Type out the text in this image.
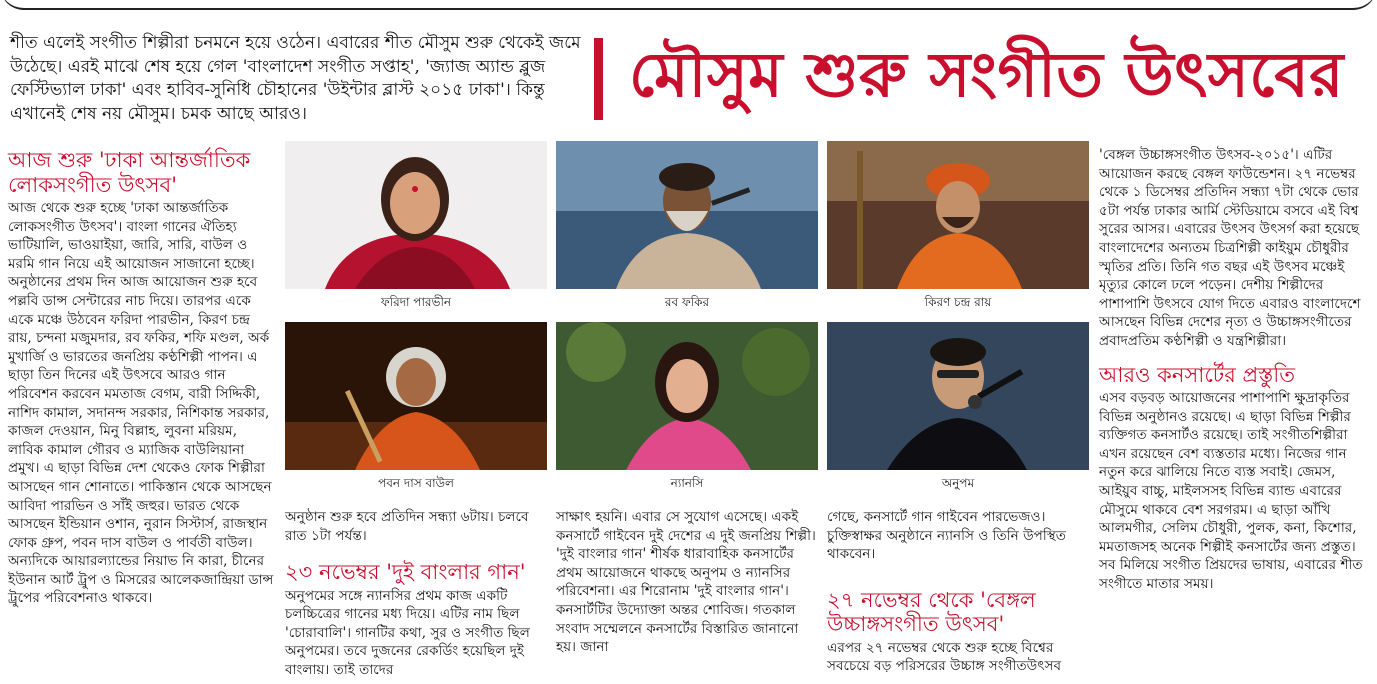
শীত এলেই সংগীত শিল্পীরা চনমনে হয়ে ওঠেন। এবারের শীত মৌসুম শুরু থেকেই জমে উঠেছে। এরই মাঝে শেষ হয়ে গেল 'বাংলাদেশ সংগীত সপ্তাহ', 'জ্যাজ অ্যান্ড ব্লুজ ফেস্টিভ্যাল ঢাকা' এবং হাবিব-সুনিধি চৌহানের 'উইন্টার ব্লাস্ট ২০১৫ ঢাকা'। কিন্তু এখানেই শেষ নয় মৌসুম। চমক আছে আরও।
মৌসুম শুরু সংগীত উৎসবের
আজ শুরু 'ঢাকা আন্তর্জাতিক লোকসংগীত উৎসব'

আজ থেকে শুরু হচ্ছে 'ঢাকা আন্তর্জাতিক লোকসংগীত উৎসব'। বাংলা গানের ঐতিহ্য ভাটিয়ালি, ভাওয়াইয়া, জারি, সারি, বাউল ও মরমি গান নিয়ে এই আয়োজন সাজানো হচ্ছে। অনুষ্ঠানের প্রথম দিন আজ আয়োজন শুরু হবে পল্লবি ডান্স সেন্টারের নাচ দিয়ে। তারপর একে একে মঞ্চে উঠবেন ফরিদা পারভীন, কিরণ চন্দ্র রায়, চন্দনা মজুমদার, রব ফকির, শফি মণ্ডল, অর্ক মুখার্জি ও ভারতের জনপ্রিয় কণ্ঠশিল্পী পাপন। এ ছাড়া তিন দিনের এই উৎসবে আরও গান পরিবেশন করবেন মমতাজ বেগম, বারী সিদ্দিকী, নাশিদ কামাল, সদানন্দ সরকার, নিশিকান্ত সরকার, কাজল দেওয়ান, মিনু বিল্লাহ, লুবনা মরিয়ম, লাবিক কামাল গৌরব ও ম্যাজিক বাউলিয়ানা প্রমুখ। এ ছাড়া বিভিন্ন দেশ থেকেও ফোক শিল্পীরা আসছেন গান শোনাতে। পাকিস্তান থেকে আসছেন আবিদা পারভিন ও সাঁই জহুর। ভারত থেকে আসছেন ইন্ডিয়ান ওশান, নুরান সিস্টার্স, রাজস্থান ফোক গ্রুপ, পবন দাস বাউল ও পার্বতী বাউল। অন্যদিকে আয়ারল্যান্ডের নিয়াভ নি কারা, চীনের ইউনান আর্ট ট্রুপ ও মিসরের আলেকজান্দ্রিয়া ডান্স ট্রুপের পরিবেশনাও থাকবে।

ফরিদা পারভীন	রব ফকির	কিরণ চন্দ্র রায়
পবন দাস বাউল	ন্যানসি	অনুপম

অনুষ্ঠান শুরু হবে প্রতিদিন সন্ধ্যা ৬টায়। চলবে রাত ১টা পর্যন্ত।

২৩ নভেম্বর 'দুই বাংলার গান'

অনুপমের সঙ্গে ন্যানসির প্রথম কাজ একটি চলচ্চিত্রের গানের মধ্য দিয়ে। এটির নাম ছিল 'চোরাবালি'। গানটির কথা, সুর ও সংগীত ছিল অনুপমের। তবে দুজনের রেকর্ডিং হয়েছিল দুই বাংলায়। তাই তাদের

সাক্ষাৎ হয়নি। এবার সে সুযোগ এসেছে। একই কনসার্টে গাইবেন দুই দেশের এ দুই জনপ্রিয় শিল্পী।

'দুই বাংলার গান' শীর্ষক ধারাবাহিক কনসার্টের প্রথম আয়োজনে থাকছে অনুপম ও ন্যানসির পরিবেশনা। এর শিরোনাম 'দুই বাংলার গান'। কনসার্টটির উদ্যোক্তা অন্তর শোবিজ। গতকাল সংবাদ সম্মেলনে কনসার্টের বিস্তারিত জানানো হয়। জানা

গেছে, কনসার্টে গান গাইবেন পারভেজও। চুক্তিস্বাক্ষর অনুষ্ঠানে ন্যানসি ও তিনি উপস্থিত থাকবেন।

২৭ নভেম্বর থেকে 'বেঙ্গল উচ্চাঙ্গসংগীত উৎসব'

এরপর ২৭ নভেম্বর থেকে শুরু হচ্ছে বিশ্বের সবচেয়ে বড় পরিসরের উচ্চাঙ্গ সংগীতউৎসব

'বেঙ্গল উচ্চাঙ্গসংগীত উৎসব-২০১৫'। এটির আয়োজন করছে বেঙ্গল ফাউন্ডেশন। ২৭ নভেম্বর থেকে ১ ডিসেম্বর প্রতিদিন সন্ধ্যা ৭টা থেকে ভোর ৫টা পর্যন্ত ঢাকার আর্মি স্টেডিয়ামে বসবে এই বিশ্ব সুরের আসর। এবারের উৎসব উৎসর্গ করা হয়েছে বাংলাদেশের অন্যতম চিত্রশিল্পী কাইয়ুম চৌধুরীর স্মৃতির প্রতি। তিনি গত বছর এই উৎসব মঞ্চেই মৃত্যুর কোলে ঢলে পড়েন। দেশীয় শিল্পীদের পাশাপাশি উৎসবে যোগ দিতে এবারও বাংলাদেশে আসছেন বিভিন্ন দেশের নৃত্য ও উচ্চাঙ্গসংগীতের প্রবাদপ্রতিম কণ্ঠশিল্পী ও যন্ত্রশিল্পীরা।

আরও কনসার্টের প্রস্তুতি

এসব বড়বড় আয়োজনের পাশাপাশি ক্ষুদ্রাকৃতির বিভিন্ন অনুষ্ঠানও রয়েছে। এ ছাড়া বিভিন্ন শিল্পীর ব্যক্তিগত কনসার্টও রয়েছে। তাই সংগীতশিল্পীরা এখন রয়েছেন বেশ ব্যস্ততার মধ্যে। নিজের গান নতুন করে ঝালিয়ে নিতে ব্যস্ত সবাই। জেমস, আইয়ুব বাচ্চু, মাইলসসহ বিভিন্ন ব্যান্ড এবারের মৌসুমে থাকবে বেশ সরগরম। এ ছাড়া আঁখি আলমগীর, সেলিম চৌধুরী, পুলক, কনা, কিশোর, মমতাজসহ অনেক শিল্পীই কনসার্টের জন্য প্রস্তুত।

সব মিলিয়ে সংগীত প্রিয়দের ভাষায়, এবারের শীত সংগীতে মাতার সময়।
